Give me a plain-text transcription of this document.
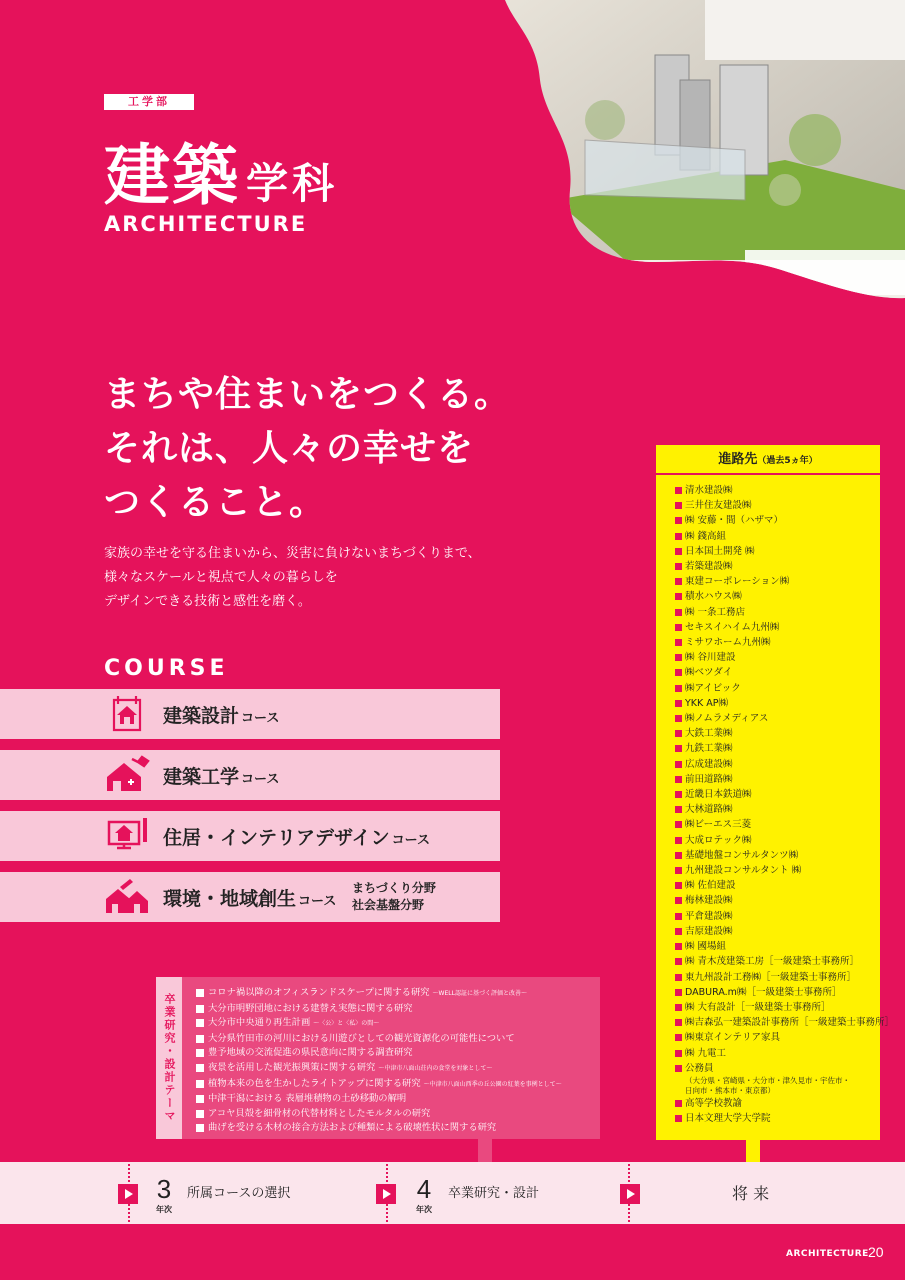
工学部
建築 学科
ARCHITECTURE
まちや住まいをつくる。
それは、人々の幸せを
つくること。
家族の幸せを守る住まいから、災害に負けないまちづくりまで、
様々なスケールと視点で人々の暮らしを
デザインできる技術と感性を磨く。
COURSE
建築設計 コース
建築工学 コース
住居・インテリアデザイン コース
環境・地域創生 コース
まちづくり分野
社会基盤分野
進路先（過去5ヵ年）
清水建設㈱
三井住友建設㈱
㈱ 安藤・間（ハザマ）
㈱ 錢高組
日本国土開発 ㈱
若築建設㈱
東建コーポレーション㈱
積水ハウス㈱
㈱ 一条工務店
セキスイハイム九州㈱
ミサワホーム九州㈱
㈱ 谷川建設
㈱ベツダイ
㈱アイビック
YKK AP㈱
㈱ノムラメディアス
大鉄工業㈱
九鉄工業㈱
広成建設㈱
前田道路㈱
近畿日本鉄道㈱
大林道路㈱
㈱ビーエス三菱
大成ロテック㈱
基礎地盤コンサルタンツ㈱
九州建設コンサルタント ㈱
㈱ 佐伯建設
梅林建設㈱
平倉建設㈱
吉原建設㈱
㈱ 國場組
㈱ 青木茂建築工房［一級建築士事務所］
東九州設計工務㈱［一級建築士事務所］
DABURA.m㈱［一級建築士事務所］
㈱ 大有設計［一級建築士事務所］
㈱吉森弘一建築設計事務所［一級建築士事務所］
㈱東京インテリア家具
㈱ 九電工
公務員
（大分県・宮崎県・大分市・津久見市・宇佐市・
日向市・熊本市・東京都）
高等学校教諭
日本文理大学大学院
卒業研究・設計テーマ
コロナ禍以降のオフィスランドスケープに関する研究 〜WELL認証に基づく評価と改善〜
大分市明野団地における建替え実態に関する研究
大分市中央通り再生計画 〜〈公〉と〈私〉の間〜
大分県竹田市の河川における川遊びとしての観光資源化の可能性について
豊予地域の交流促進の県民意向に関する調査研究
夜景を活用した観光振興策に関する研究 〜中津市八面山荘内の食堂を対象として〜
植物本来の色を生かしたライトアップに関する研究 〜中津市八面山西季の丘公園の紅葉を事例として〜
中津干潟における 表層堆積物の土砂移動の解明
アコヤ貝殻を細骨材の代替材料としたモルタルの研究
曲げを受ける木材の接合方法および種類による破壊性状に関する研究
3
年次
所属コースの選択	4
年次
卒業研究・設計	将 来
ARCHITECTURE 20
